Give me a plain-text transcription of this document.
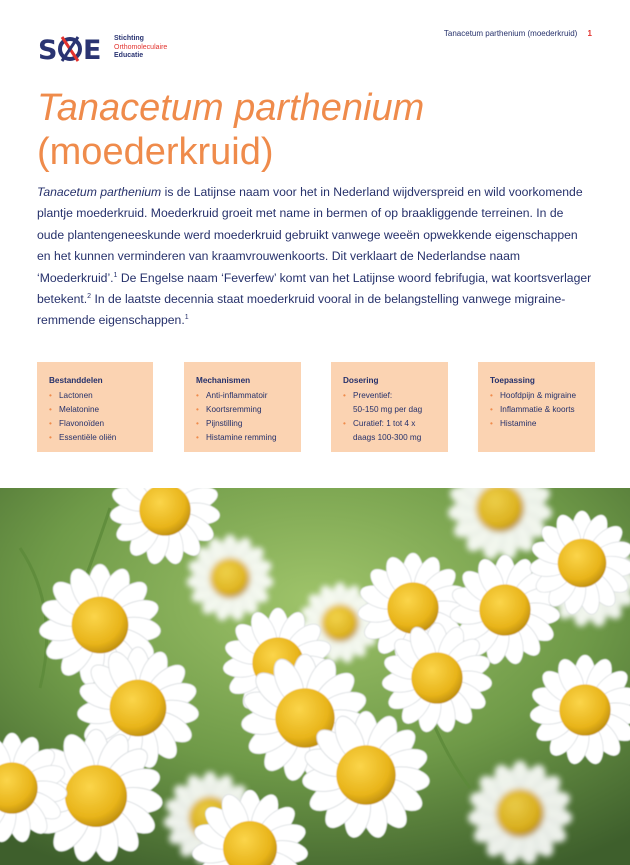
S E Stichting
Orthomoleculaire
Educatie
Tanacetum parthenium (moederkruid) 1
Tanacetum parthenium
(moederkruid)

Tanacetum parthenium is de Latijnse naam voor het in Nederland wijdverspreid en wild voorkomende plantje moederkruid. Moederkruid groeit met name in bermen of op braakliggende terreinen. In de oude plantengeneeskunde werd moederkruid gebruikt vanwege weeën opwekkende eigenschappen en het kunnen verminderen van kraamvrouwenkoorts. Dit verklaart de Nederlandse naam ‘Moederkruid’.$^1$ De Engelse naam ‘Feverfew’ komt van het Latijnse woord febrifugia, wat koortsverlager betekent.$^2$ In de laatste decennia staat moederkruid vooral in de belangstelling vanwege migraine-remmende eigenschappen.$^1$

Bestanddelen
• Lactonen
• Melatonine
• Flavonoïden
• Essentiële oliën
Mechanismen
• Anti-inflammatoir
• Koortsremming
• Pijnstilling
• Histamine remming
Dosering
• Preventief:
50-150 mg per dag
• Curatief: 1 tot 4 x
daags 100-300 mg
Toepassing
• Hoofdpijn & migraine
• Inflammatie & koorts
• Histamine
